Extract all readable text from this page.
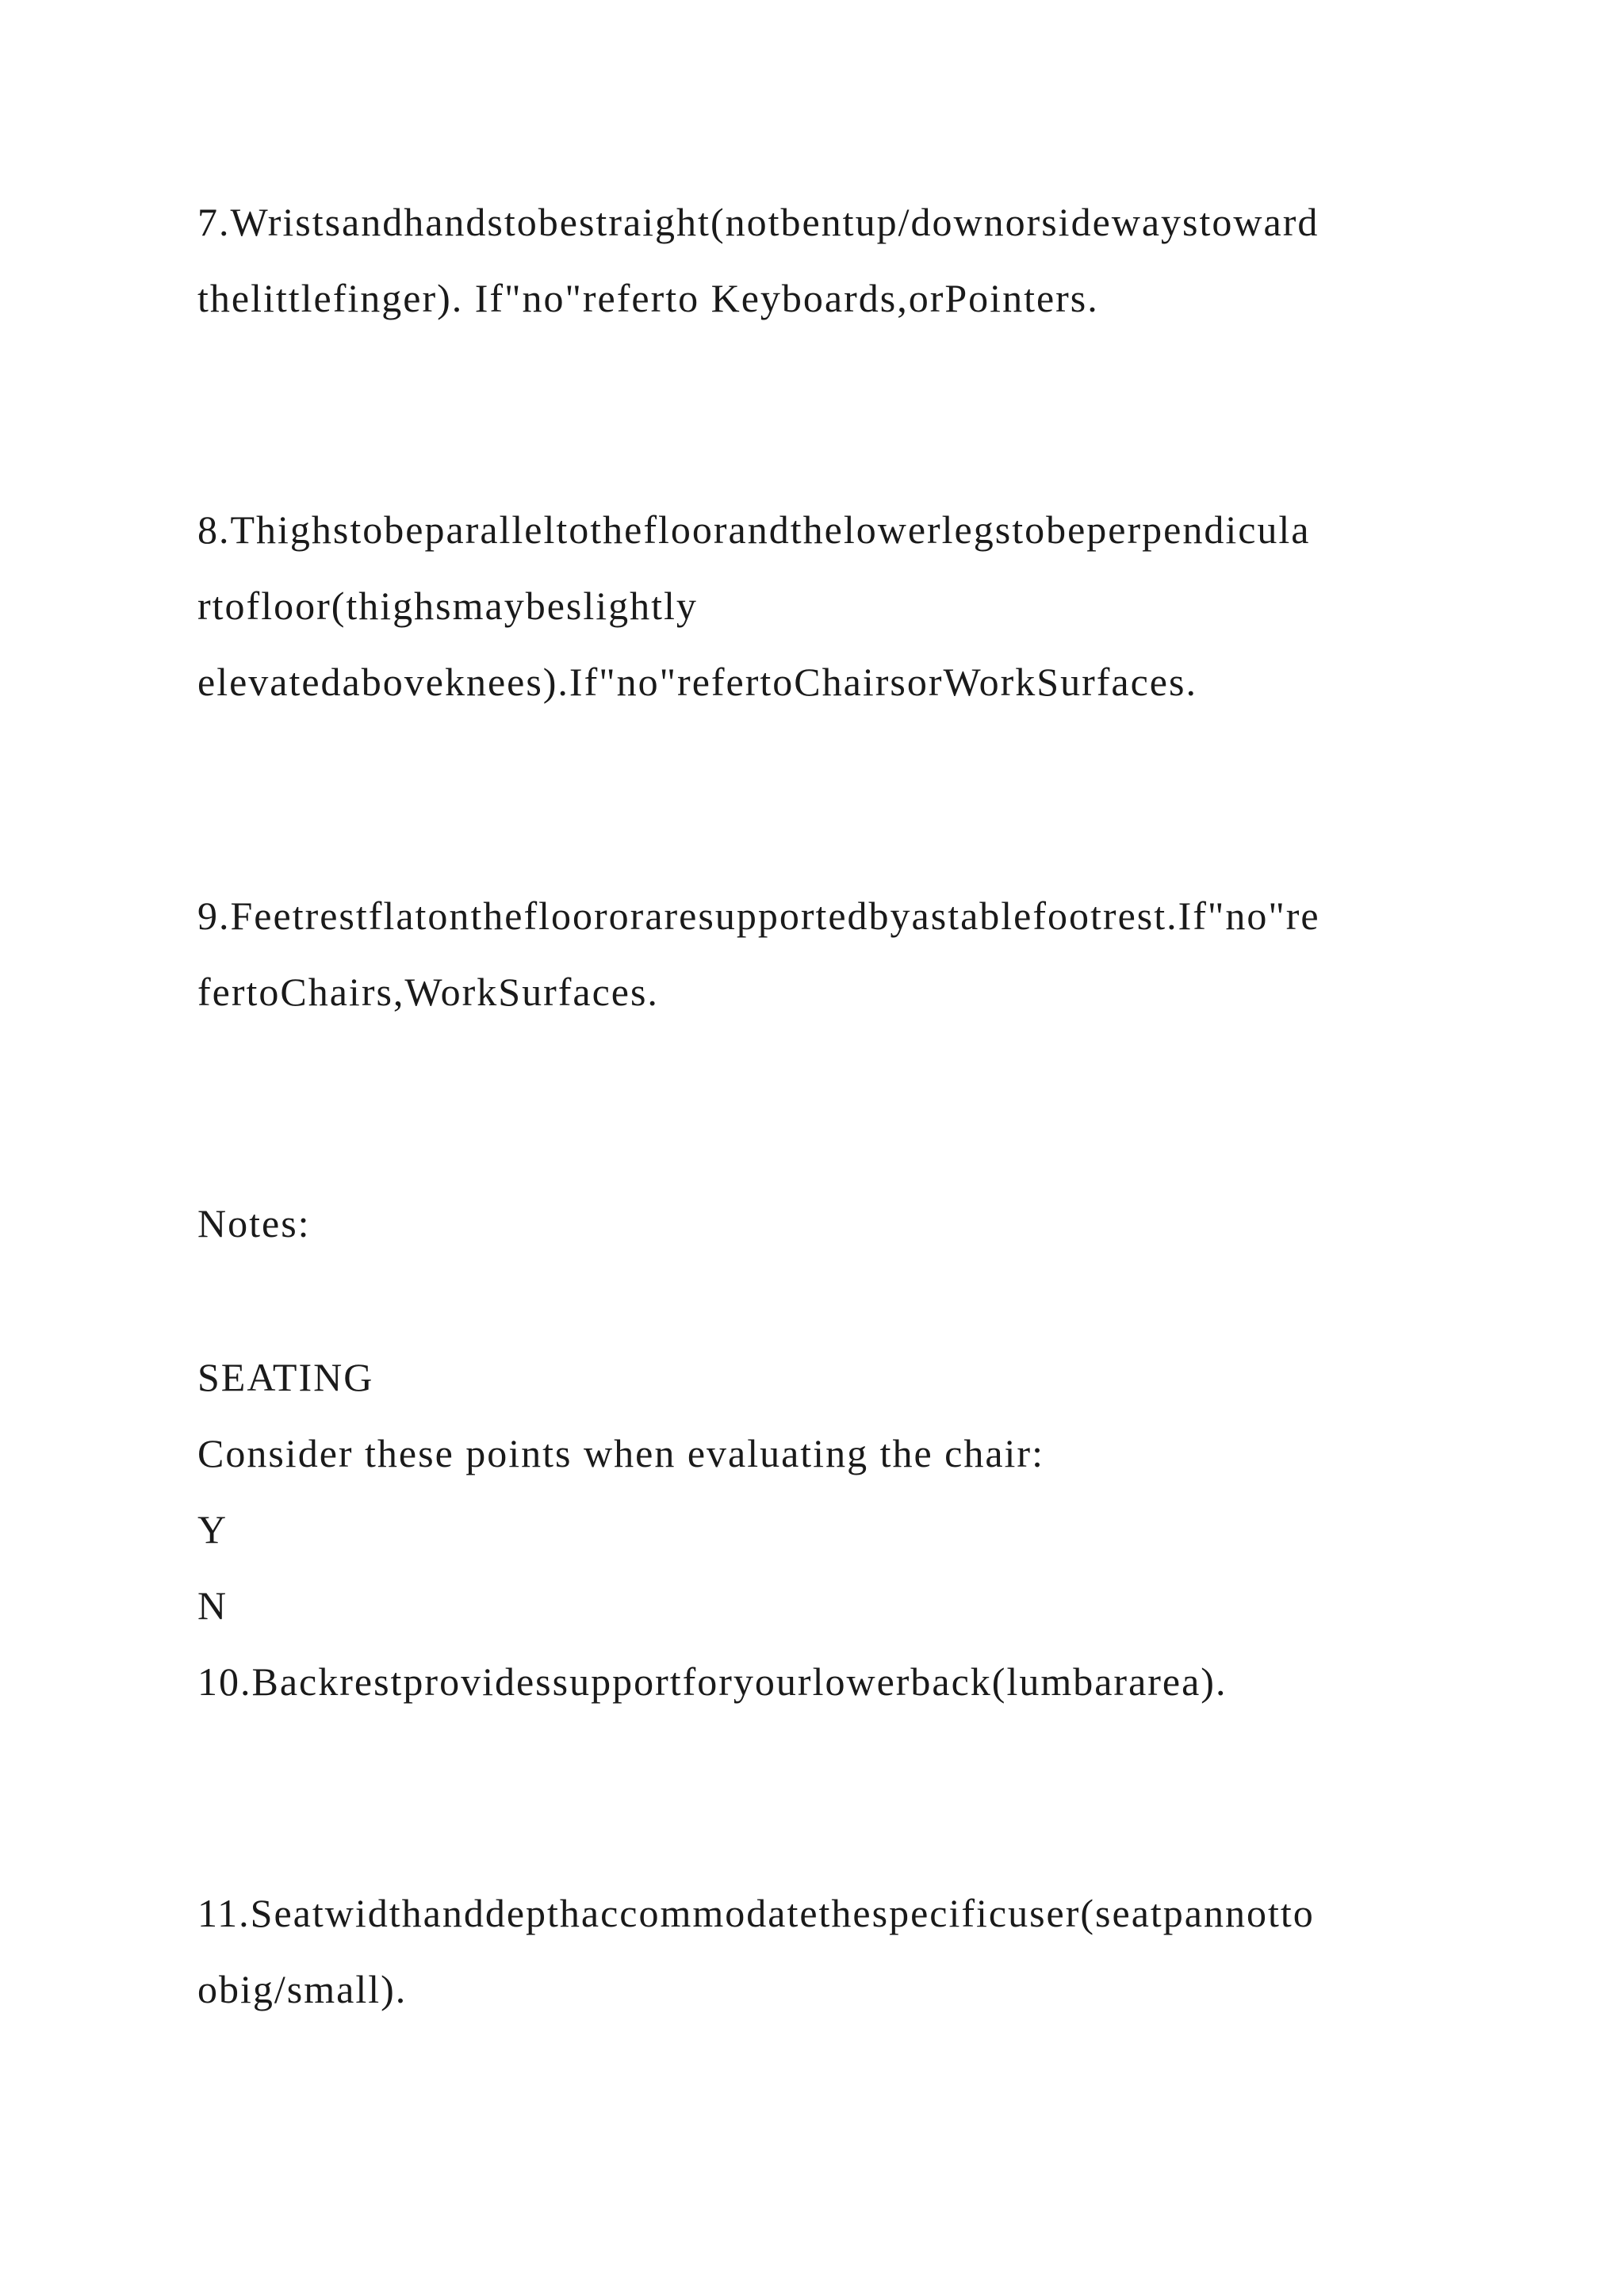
7.Wristsandhandstobestraight(notbentup/downorsidewaystoward
thelittlefinger). If"no"referto Keyboards,orPointers.
8.Thighstobeparalleltothefloorandthelowerlegstobeperpendicula
rtofloor(thighsmaybeslightly
elevatedaboveknees).If"no"refertoChairsorWorkSurfaces.
9.Feetrestflatonthefloororaresupportedbyastablefootrest.If"no"re
fertoChairs,WorkSurfaces.
Notes:
SEATING
Consider these points when evaluating the chair:
Y
N
10.Backrestprovidessupportforyourlowerback(lumbararea).
11.Seatwidthanddepthaccommodatethespecificuser(seatpannotto
obig/small).
